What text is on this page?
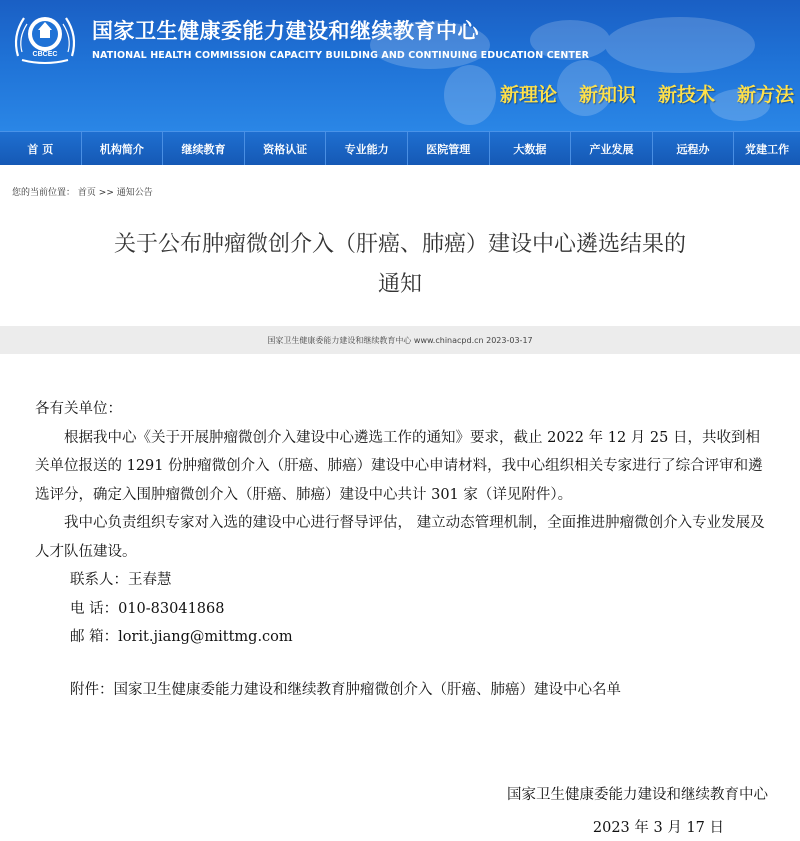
CBCEC
国家卫生健康委能力建设和继续教育中心
NATIONAL HEALTH COMMISSION CAPACITY BUILDING AND CONTINUING EDUCATION CENTER
新理论 新知识 新技术 新方法
首 页	机构简介	继续教育	资格认证	专业能力	医院管理	大数据	产业发展	远程办	党建工作
您的当前位置： 首页 >> 通知公告
关于公布肿瘤微创介入（肝癌、肺癌）建设中心遴选结果的
通知
国家卫生健康委能力建设和继续教育中心 www.chinacpd.cn 2023-03-17

各有关单位：

根据我中心《关于开展肿瘤微创介入建设中心遴选工作的通知》要求，截止 2022 年 12 月 25 日，共收到相关单位报送的 1291 份肿瘤微创介入（肝癌、肺癌）建设中心申请材料，我中心组织相关专家进行了综合评审和遴选评分，确定入围肿瘤微创介入（肝癌、肺癌）建设中心共计 301 家（详见附件）。

我中心负责组织专家对入选的建设中心进行督导评估， 建立动态管理机制，全面推进肿瘤微创介入专业发展及人才队伍建设。

联系人：王春慧

电 话：010-83041868

邮 箱：lorit.jiang@mittmg.com

附件：国家卫生健康委能力建设和继续教育肿瘤微创介入（肝癌、肺癌）建设中心名单

国家卫生健康委能力建设和继续教育中心
2023 年 3 月 17 日
